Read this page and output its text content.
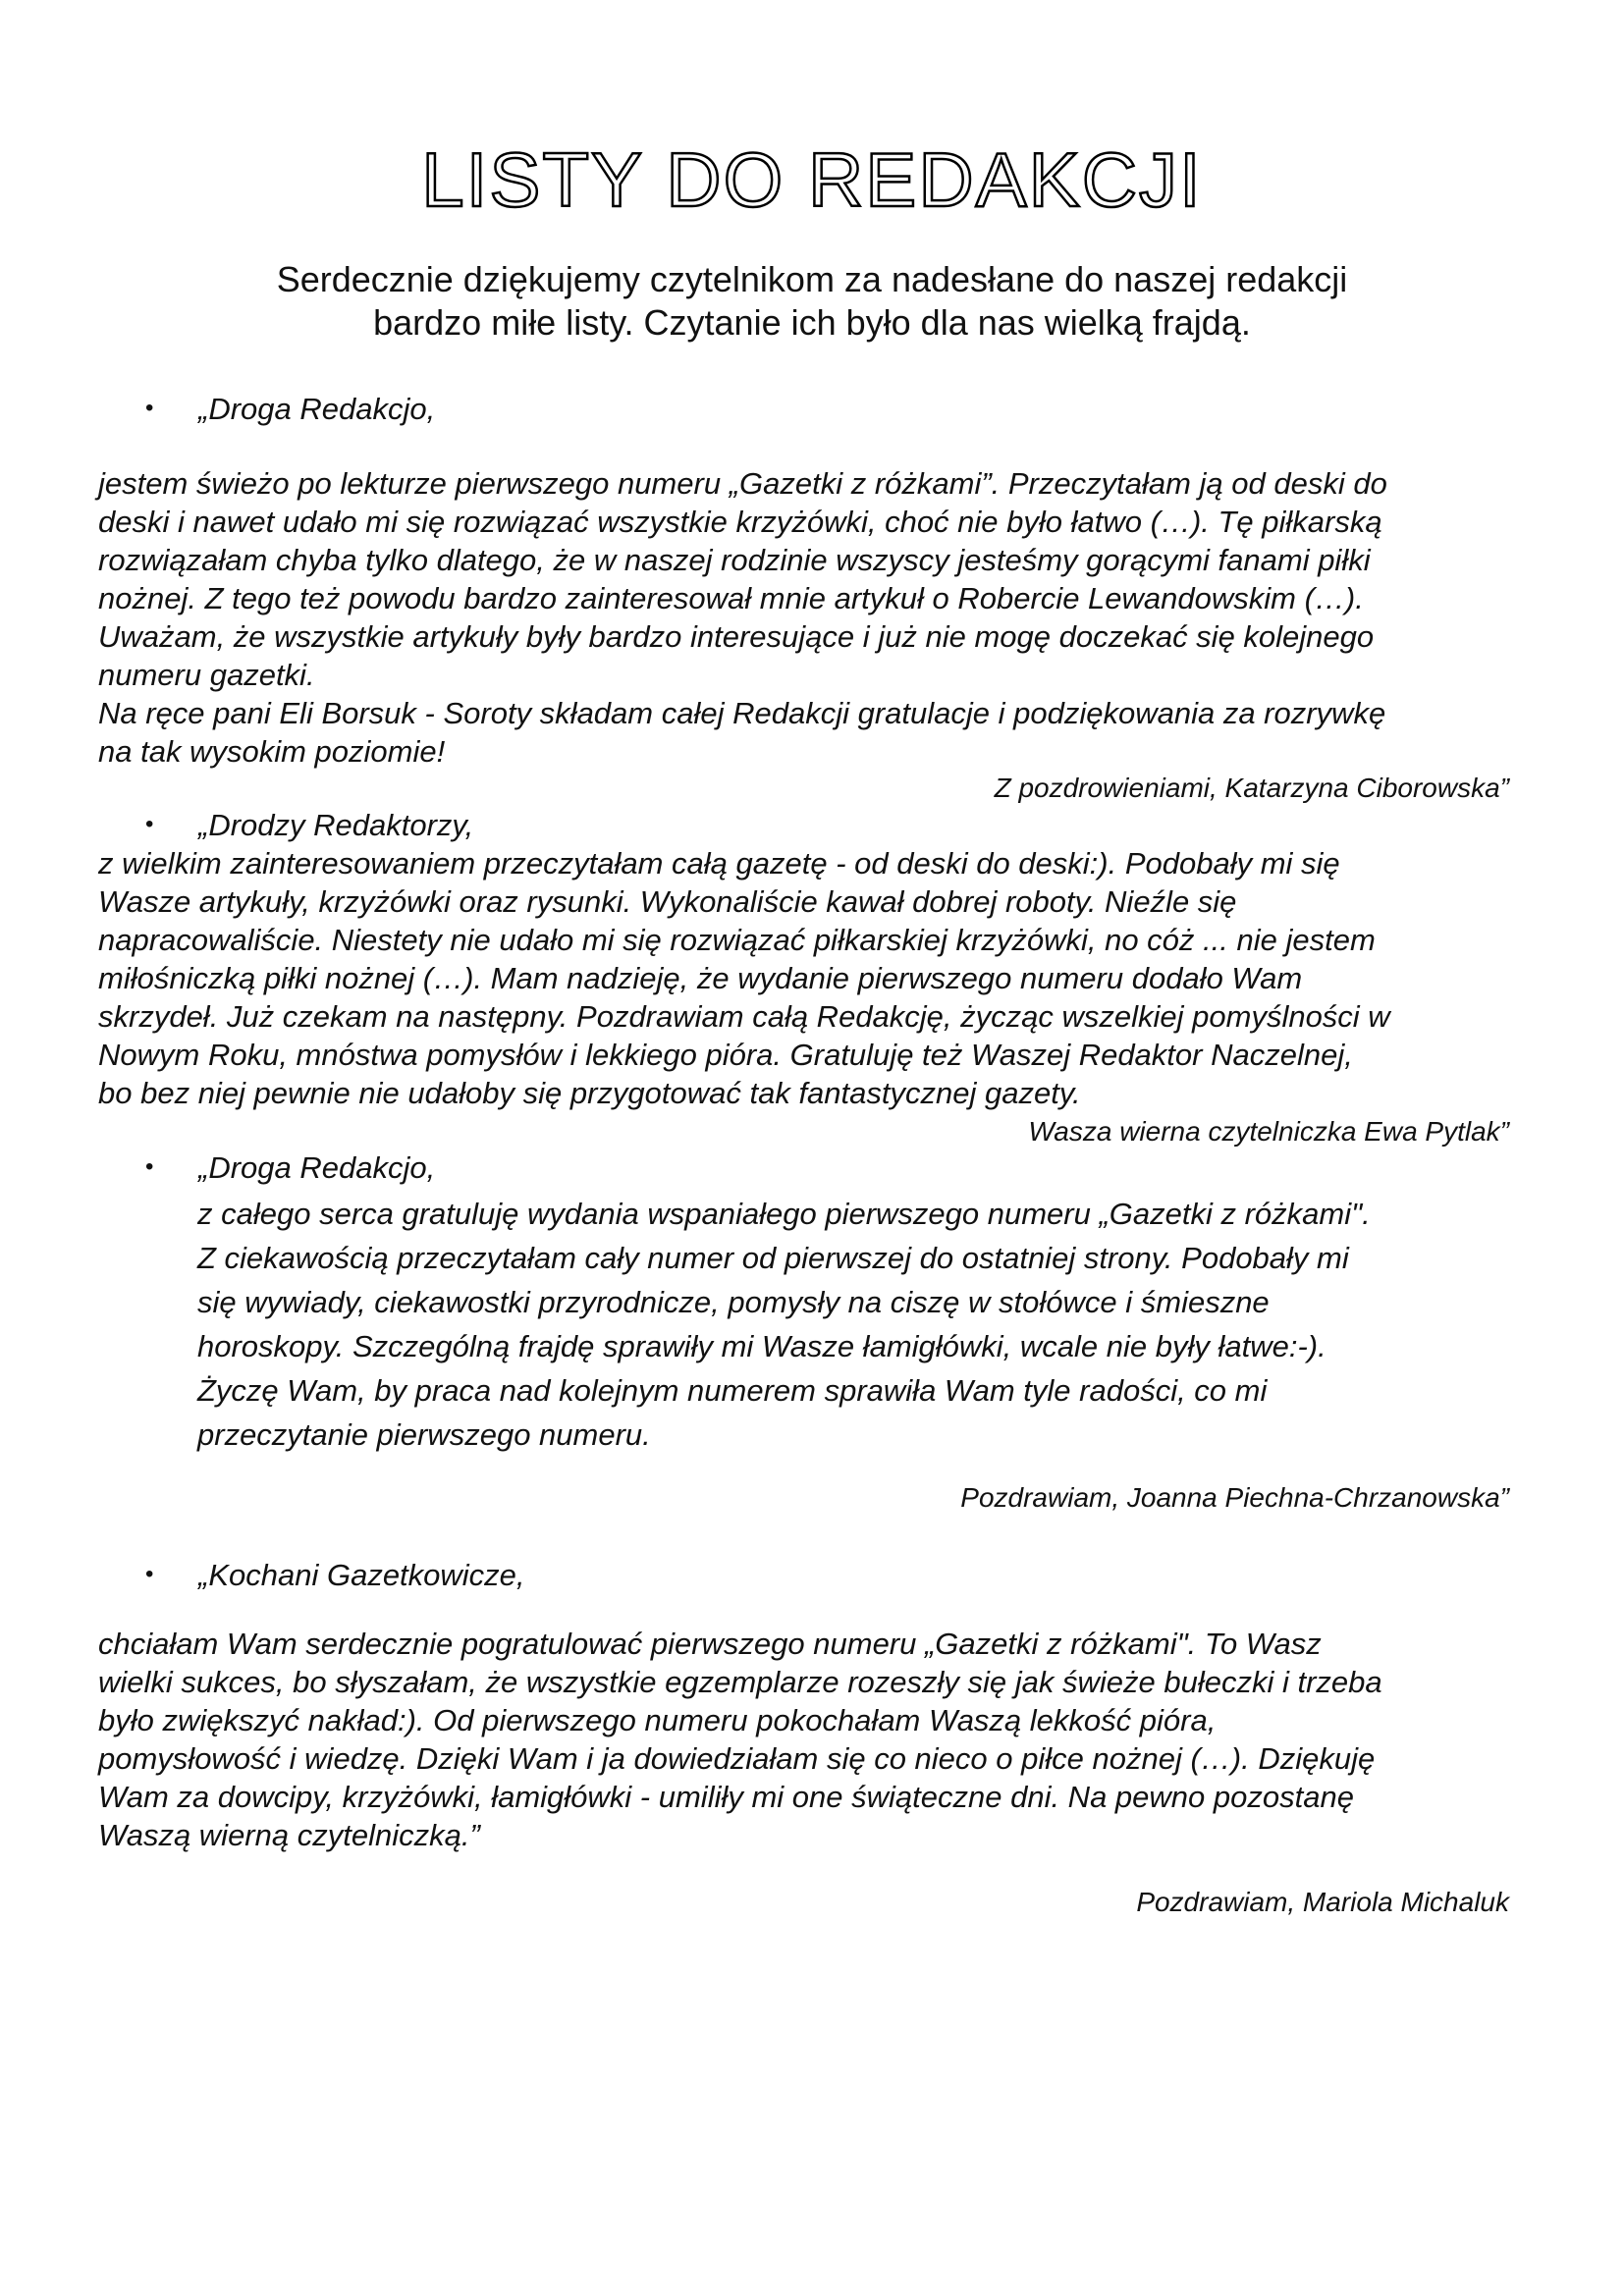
LISTY DO REDAKCJI

Serdecznie dziękujemy czytelnikom za nadesłane do naszej redakcji
bardzo miłe listy. Czytanie ich było dla nas wielką frajdą.

•	„Droga Redakcjo,

jestem świeżo po lekturze pierwszego numeru „Gazetki z różkami”. Przeczytałam ją od deski do
deski i nawet udało mi się rozwiązać wszystkie krzyżówki, choć nie było łatwo (…). Tę piłkarską
rozwiązałam chyba tylko dlatego, że w naszej rodzinie wszyscy jesteśmy gorącymi fanami piłki
nożnej. Z tego też powodu bardzo zainteresował mnie artykuł o Robercie Lewandowskim (…).
Uważam, że wszystkie artykuły były bardzo interesujące i już nie mogę doczekać się kolejnego
numeru gazetki.
Na ręce pani Eli Borsuk - Soroty składam całej Redakcji gratulacje i podziękowania za rozrywkę
na tak wysokim poziomie!

Z pozdrowieniami, Katarzyna Ciborowska”
•	„Drodzy Redaktorzy,

z wielkim zainteresowaniem przeczytałam całą gazetę - od deski do deski:). Podobały mi się
Wasze artykuły, krzyżówki oraz rysunki. Wykonaliście kawał dobrej roboty. Nieźle się
napracowaliście. Niestety nie udało mi się rozwiązać piłkarskiej krzyżówki, no cóż ... nie jestem
miłośniczką piłki nożnej (…). Mam nadzieję, że wydanie pierwszego numeru dodało Wam
skrzydeł. Już czekam na następny. Pozdrawiam całą Redakcję, życząc wszelkiej pomyślności w
Nowym Roku, mnóstwa pomysłów i lekkiego pióra. Gratuluję też Waszej Redaktor Naczelnej,
bo bez niej pewnie nie udałoby się przygotować tak fantastycznej gazety.

Wasza wierna czytelniczka Ewa Pytlak”
•	„Droga Redakcjo,

z całego serca gratuluję wydania wspaniałego pierwszego numeru „Gazetki z różkami".
Z ciekawością przeczytałam cały numer od pierwszej do ostatniej strony. Podobały mi
się wywiady, ciekawostki przyrodnicze, pomysły na ciszę w stołówce i śmieszne
horoskopy. Szczególną frajdę sprawiły mi Wasze łamigłówki, wcale nie były łatwe:-).
Życzę Wam, by praca nad kolejnym numerem sprawiła Wam tyle radości, co mi
przeczytanie pierwszego numeru.

Pozdrawiam, Joanna Piechna-Chrzanowska”
•	„Kochani Gazetkowicze,

chciałam Wam serdecznie pogratulować pierwszego numeru „Gazetki z różkami". To Wasz
wielki sukces, bo słyszałam, że wszystkie egzemplarze rozeszły się jak świeże bułeczki i trzeba
było zwiększyć nakład:). Od pierwszego numeru pokochałam Waszą lekkość pióra,
pomysłowość i wiedzę. Dzięki Wam i ja dowiedziałam się co nieco o piłce nożnej (…). Dziękuję
Wam za dowcipy, krzyżówki, łamigłówki - umiliły mi one świąteczne dni. Na pewno pozostanę
Waszą wierną czytelniczką.”

Pozdrawiam, Mariola Michaluk
